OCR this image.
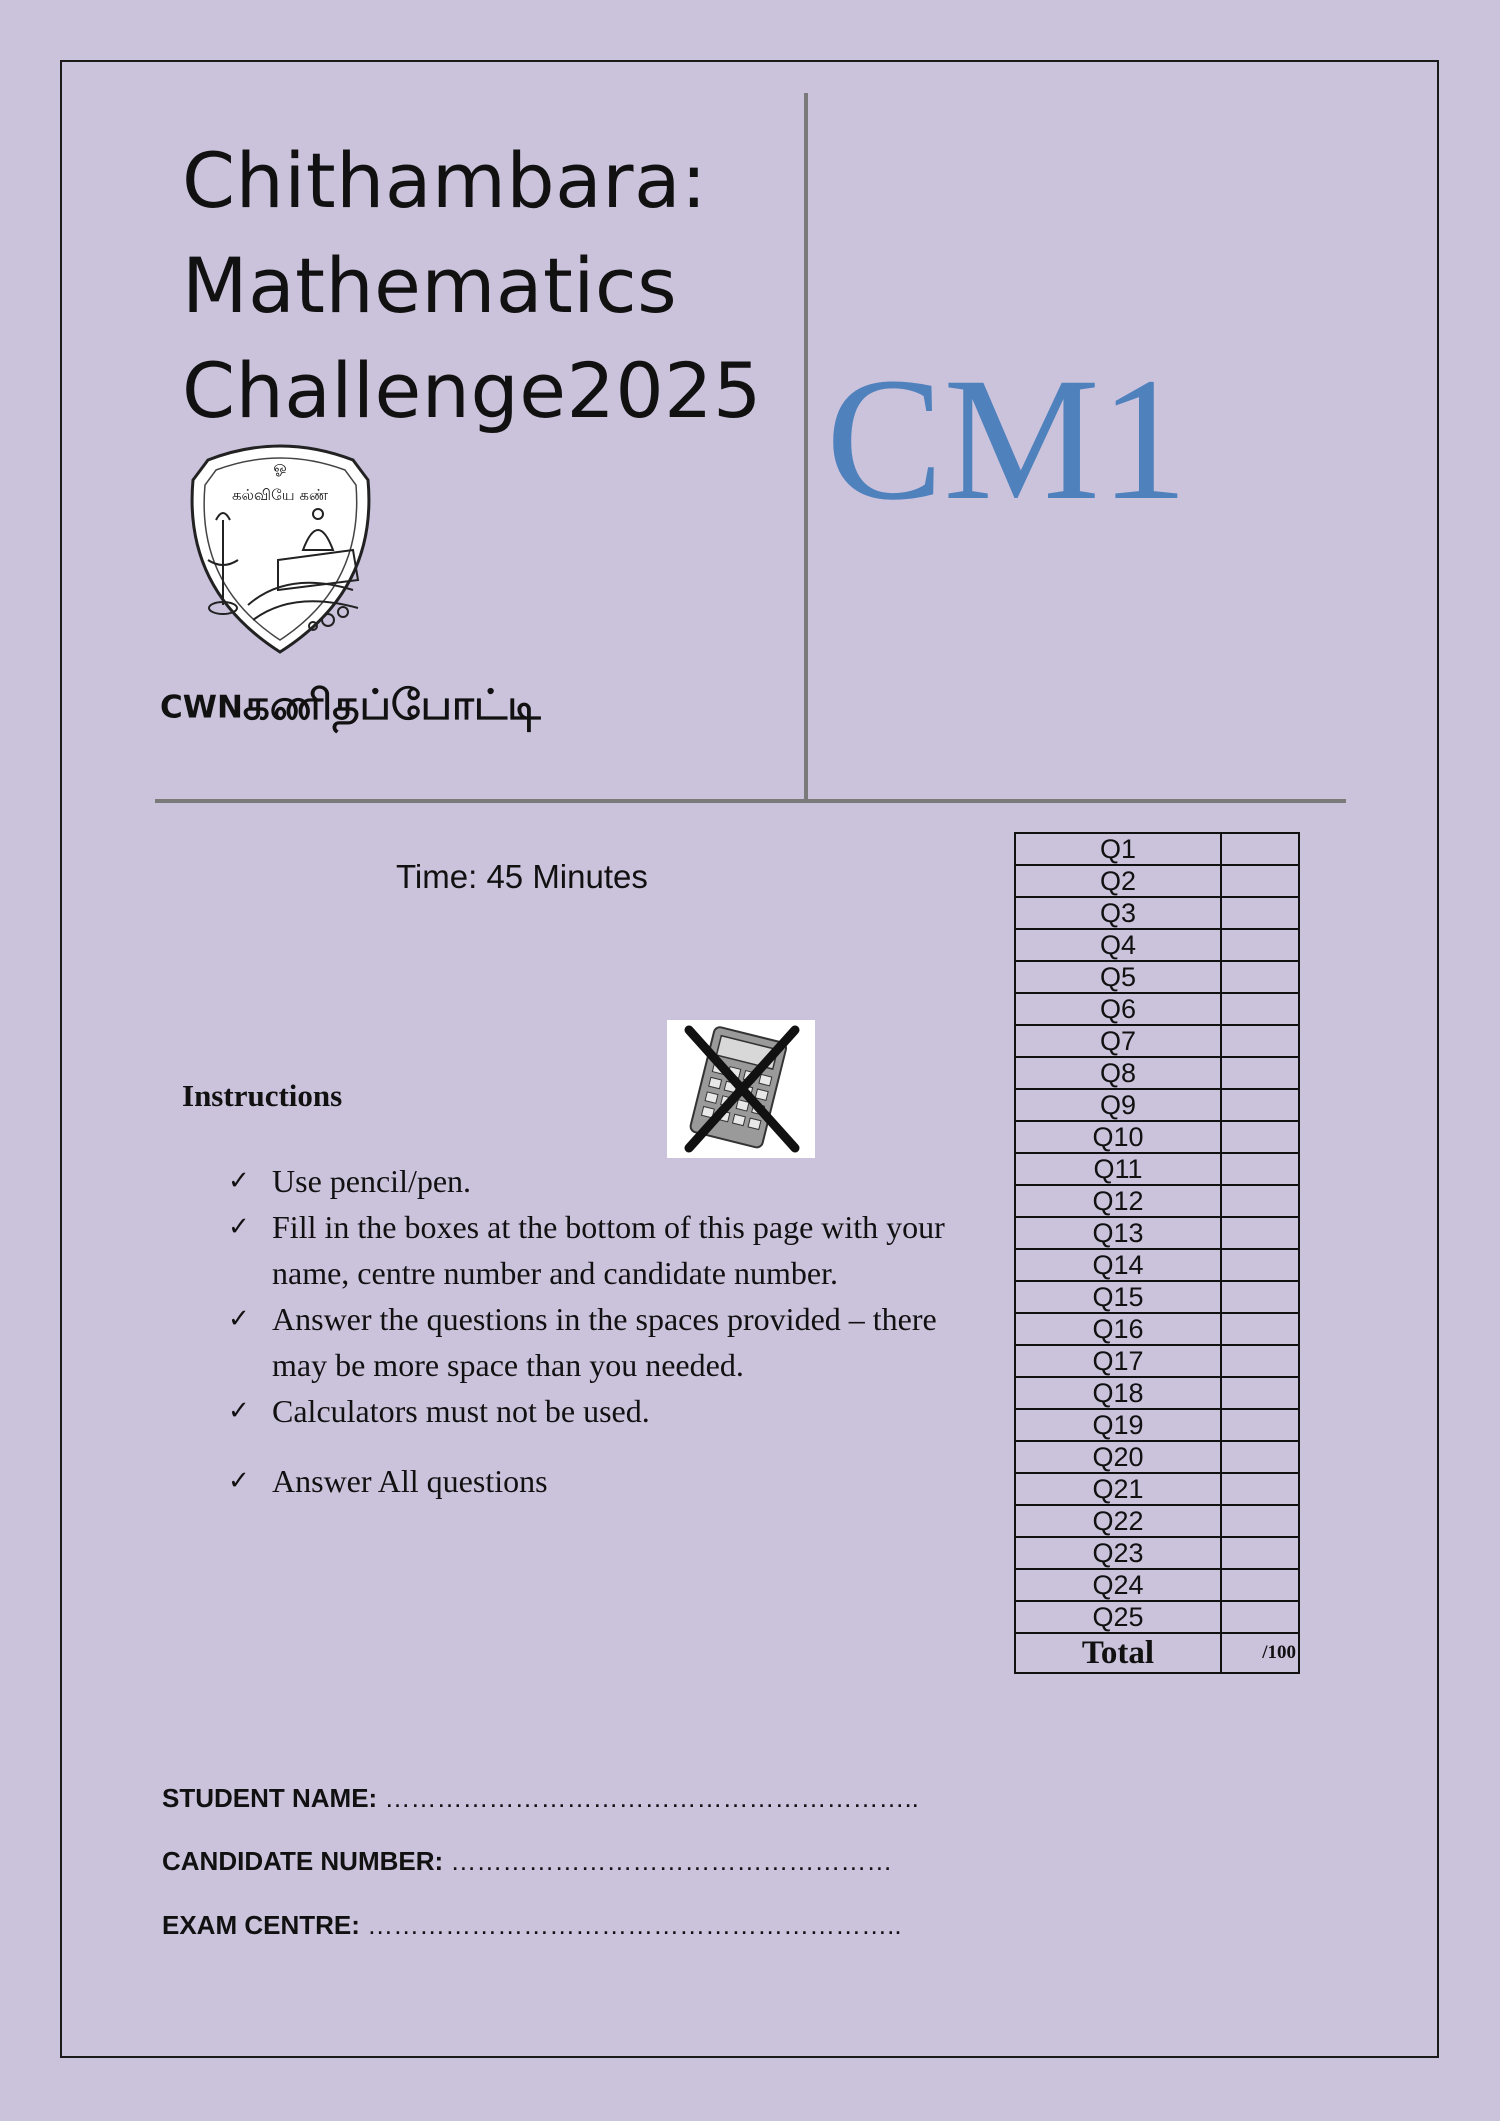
Chithambara:
Mathematics
Challenge2025 CM1
ஓ
கல்வியே கண்
CWNகணிதப்போட்டி
Time: 45 Minutes
Instructions
✓ Use pencil/pen.
✓ Fill in the boxes at the bottom of this page with your name, centre number and candidate number.
✓ Answer the questions in the spaces provided – there may be more space than you needed.
✓ Calculators must not be used.
✓ Answer All questions
Q1	
Q2	
Q3	
Q4	
Q5	
Q6	
Q7	
Q8	
Q9	
Q10	
Q11	
Q12	
Q13	
Q14	
Q15	
Q16	
Q17	
Q18	
Q19	
Q20	
Q21	
Q22	
Q23	
Q24	
Q25	
Total	/100
STUDENT NAME: ……………………………………………………..
CANDIDATE NUMBER: ……………………………………………
EXAM CENTRE: ……………………………………………………..
